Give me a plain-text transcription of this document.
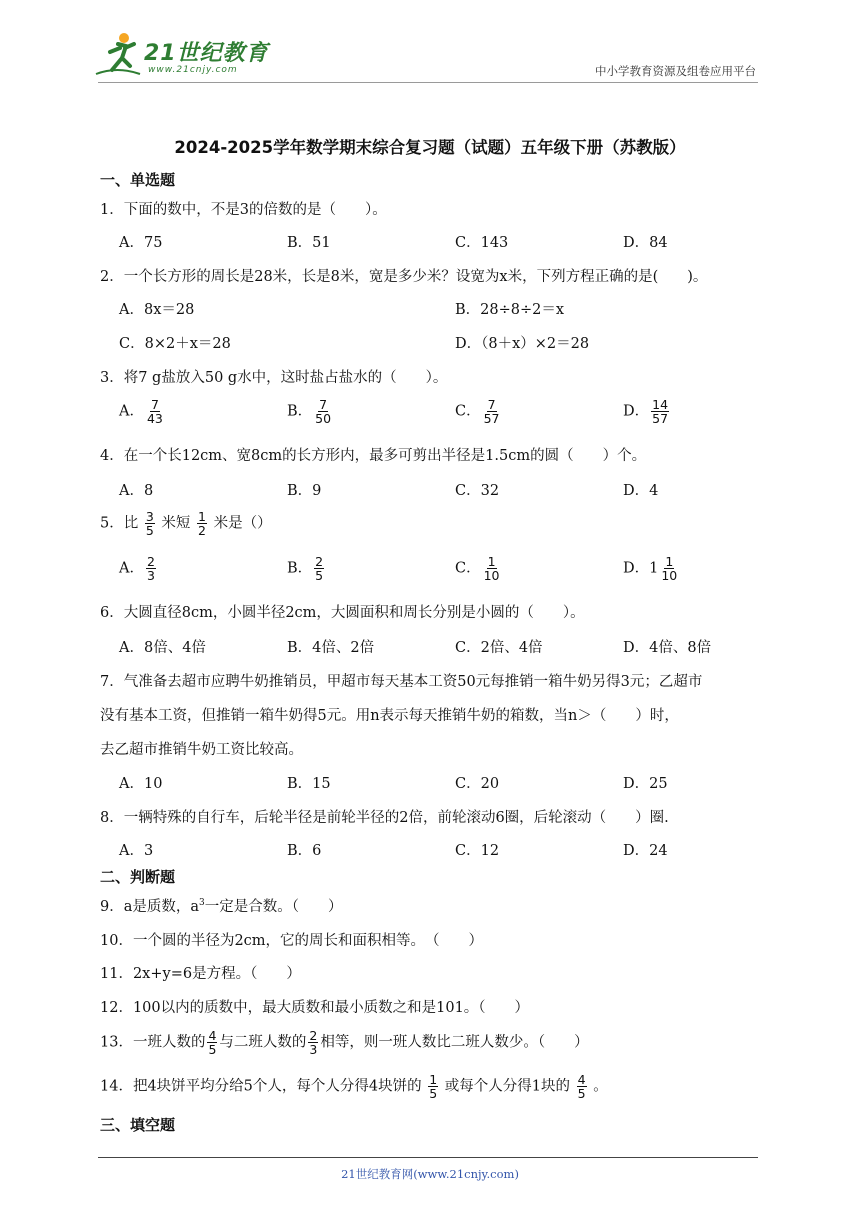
21世纪教育
www.21cnjy.com	中小学教育资源及组卷应用平台
2024-2025学年数学期末综合复习题（试题）五年级下册（苏教版）
一、单选题
1．下面的数中，不是3的倍数的是（　　）。
A．75	B．51	C．143	D．84
2．一个长方形的周长是28米，长是8米，宽是多少米？设宽为x米，下列方程正确的是(　　)。
A．8x＝28	B．28÷8÷2＝x
C．8×2＋x＝28	D．（8＋x）×2＝28
3．将7 g盐放入50 g水中，这时盐占盐水的（　　）。
A． $\frac{7}{43}$	B． $\frac{7}{50}$	C． $\frac{7}{57}$	D． $\frac{14}{57}$
4．在一个长12cm、宽8cm的长方形内，最多可剪出半径是1.5cm的圆（　　）个。
A．8	B．9	C．32	D．4
5．比 $\frac{3}{5}$ 米短 $\frac{1}{2}$ 米是（）
A． $\frac{2}{3}$	B． $\frac{2}{5}$	C． $\frac{1}{10}$	D．$1 \frac{1}{10}$
6．大圆直径8cm，小圆半径2cm，大圆面积和周长分别是小圆的（　　）。
A．8倍、4倍	B．4倍、2倍	C．2倍、4倍	D．4倍、8倍
7．气准备去超市应聘牛奶推销员，甲超市每天基本工资50元每推销一箱牛奶另得3元；乙超市
没有基本工资，但推销一箱牛奶得5元。用n表示每天推销牛奶的箱数，当n＞（　　）时，
去乙超市推销牛奶工资比较高。
A．10	B．15	C．20	D．25
8．一辆特殊的自行车，后轮半径是前轮半径的2倍，前轮滚动6圈，后轮滚动（　　）圈.
A．3	B．6	C．12	D．24
二、判断题
9．a是质数，$a^3$一定是合数。（　　）
10．一个圆的半径为2cm，它的周长和面积相等。　（　　）
11．2x+y=6是方程。（　　）
12．100以内的质数中，最大质数和最小质数之和是101。（　　）
13．一班人数的 $\frac{4}{5}$ 与二班人数的 $\frac{2}{3}$ 相等，则一班人数比二班人数少。（　　）
14．把4块饼平均分给5个人，每个人分得4块饼的 $\frac{1}{5}$ 或每个人分得1块的 $\frac{4}{5}$ 。
三、填空题
21世纪教育网(www.21cnjy.com)
